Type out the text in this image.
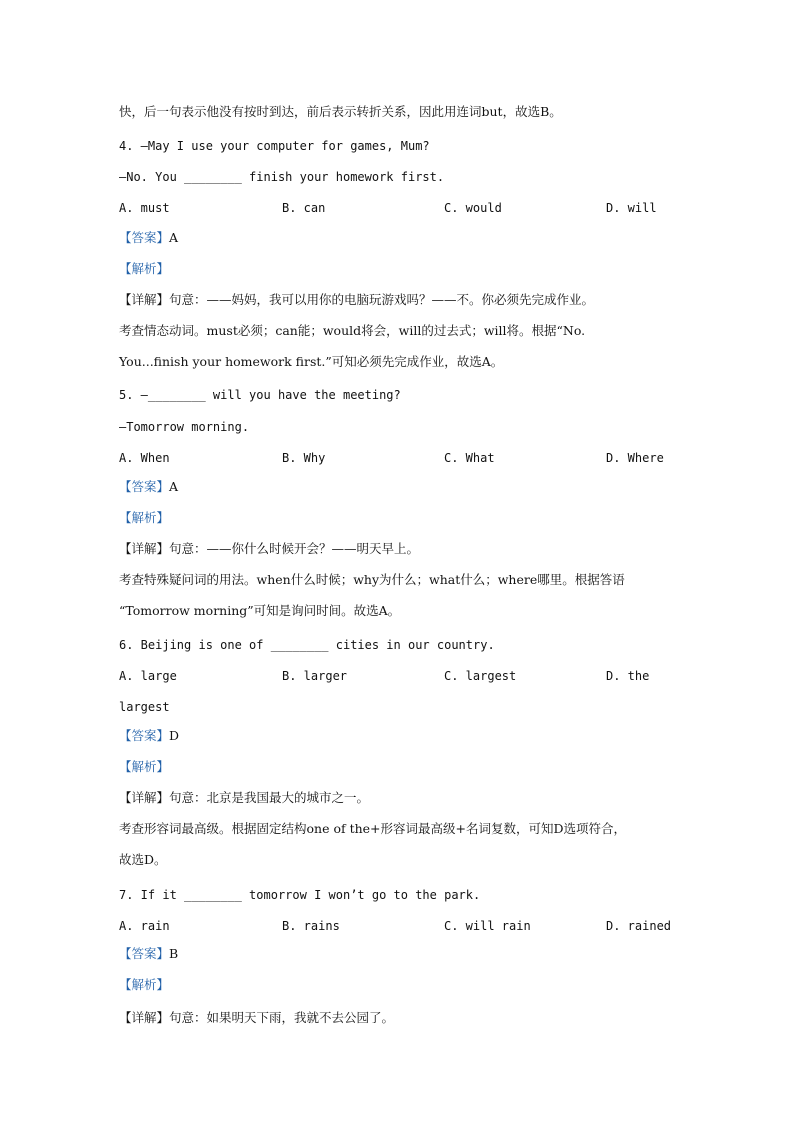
快，后一句表示他没有按时到达，前后表示转折关系，因此用连词but，故选B。
4. —May I use your computer for games, Mum?
—No. You ________ finish your homework first.
A. must	B. can	C. would	D. will
【答案】A
【解析】
【详解】句意：——妈妈，我可以用你的电脑玩游戏吗？——不。你必须先完成作业。
考查情态动词。must必须；can能；would将会，will的过去式；will将。根据“No.
You...finish your homework first.”可知必须先完成作业，故选A。
5. —________ will you have the meeting?
—Tomorrow morning.
A. When	B. Why	C. What	D. Where
【答案】A
【解析】
【详解】句意：——你什么时候开会？——明天早上。
考查特殊疑问词的用法。when什么时候；why为什么；what什么；where哪里。根据答语
“Tomorrow morning”可知是询问时间。故选A。
6. Beijing is one of ________ cities in our country.
A. large	B. larger	C. largest	D. the
largest
【答案】D
【解析】
【详解】句意：北京是我国最大的城市之一。
考查形容词最高级。根据固定结构one of the+形容词最高级+名词复数，可知D选项符合，
故选D。
7. If it ________ tomorrow I won’t go to the park.
A. rain	B. rains	C. will rain	D. rained
【答案】B
【解析】
【详解】句意：如果明天下雨，我就不去公园了。
